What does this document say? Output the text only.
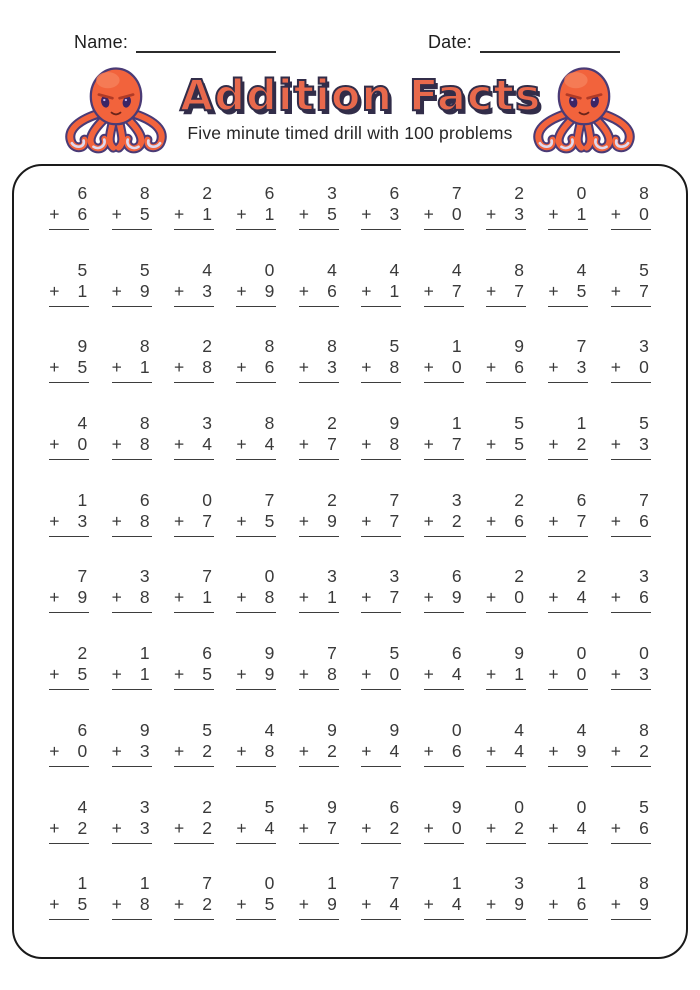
Name:	Date:
Addition Facts
Five minute timed drill with 100 problems
6
+ 6
8
+ 5
2
+ 1
6
+ 1
3
+ 5
6
+ 3
7
+ 0
2
+ 3
0
+ 1
8
+ 0
5
+ 1
5
+ 9
4
+ 3
0
+ 9
4
+ 6
4
+ 1
4
+ 7
8
+ 7
4
+ 5
5
+ 7
9
+ 5
8
+ 1
2
+ 8
8
+ 6
8
+ 3
5
+ 8
1
+ 0
9
+ 6
7
+ 3
3
+ 0
4
+ 0
8
+ 8
3
+ 4
8
+ 4
2
+ 7
9
+ 8
1
+ 7
5
+ 5
1
+ 2
5
+ 3
1
+ 3
6
+ 8
0
+ 7
7
+ 5
2
+ 9
7
+ 7
3
+ 2
2
+ 6
6
+ 7
7
+ 6
7
+ 9
3
+ 8
7
+ 1
0
+ 8
3
+ 1
3
+ 7
6
+ 9
2
+ 0
2
+ 4
3
+ 6
2
+ 5
1
+ 1
6
+ 5
9
+ 9
7
+ 8
5
+ 0
6
+ 4
9
+ 1
0
+ 0
0
+ 3
6
+ 0
9
+ 3
5
+ 2
4
+ 8
9
+ 2
9
+ 4
0
+ 6
4
+ 4
4
+ 9
8
+ 2
4
+ 2
3
+ 3
2
+ 2
5
+ 4
9
+ 7
6
+ 2
9
+ 0
0
+ 2
0
+ 4
5
+ 6
1
+ 5
1
+ 8
7
+ 2
0
+ 5
1
+ 9
7
+ 4
1
+ 4
3
+ 9
1
+ 6
8
+ 9
